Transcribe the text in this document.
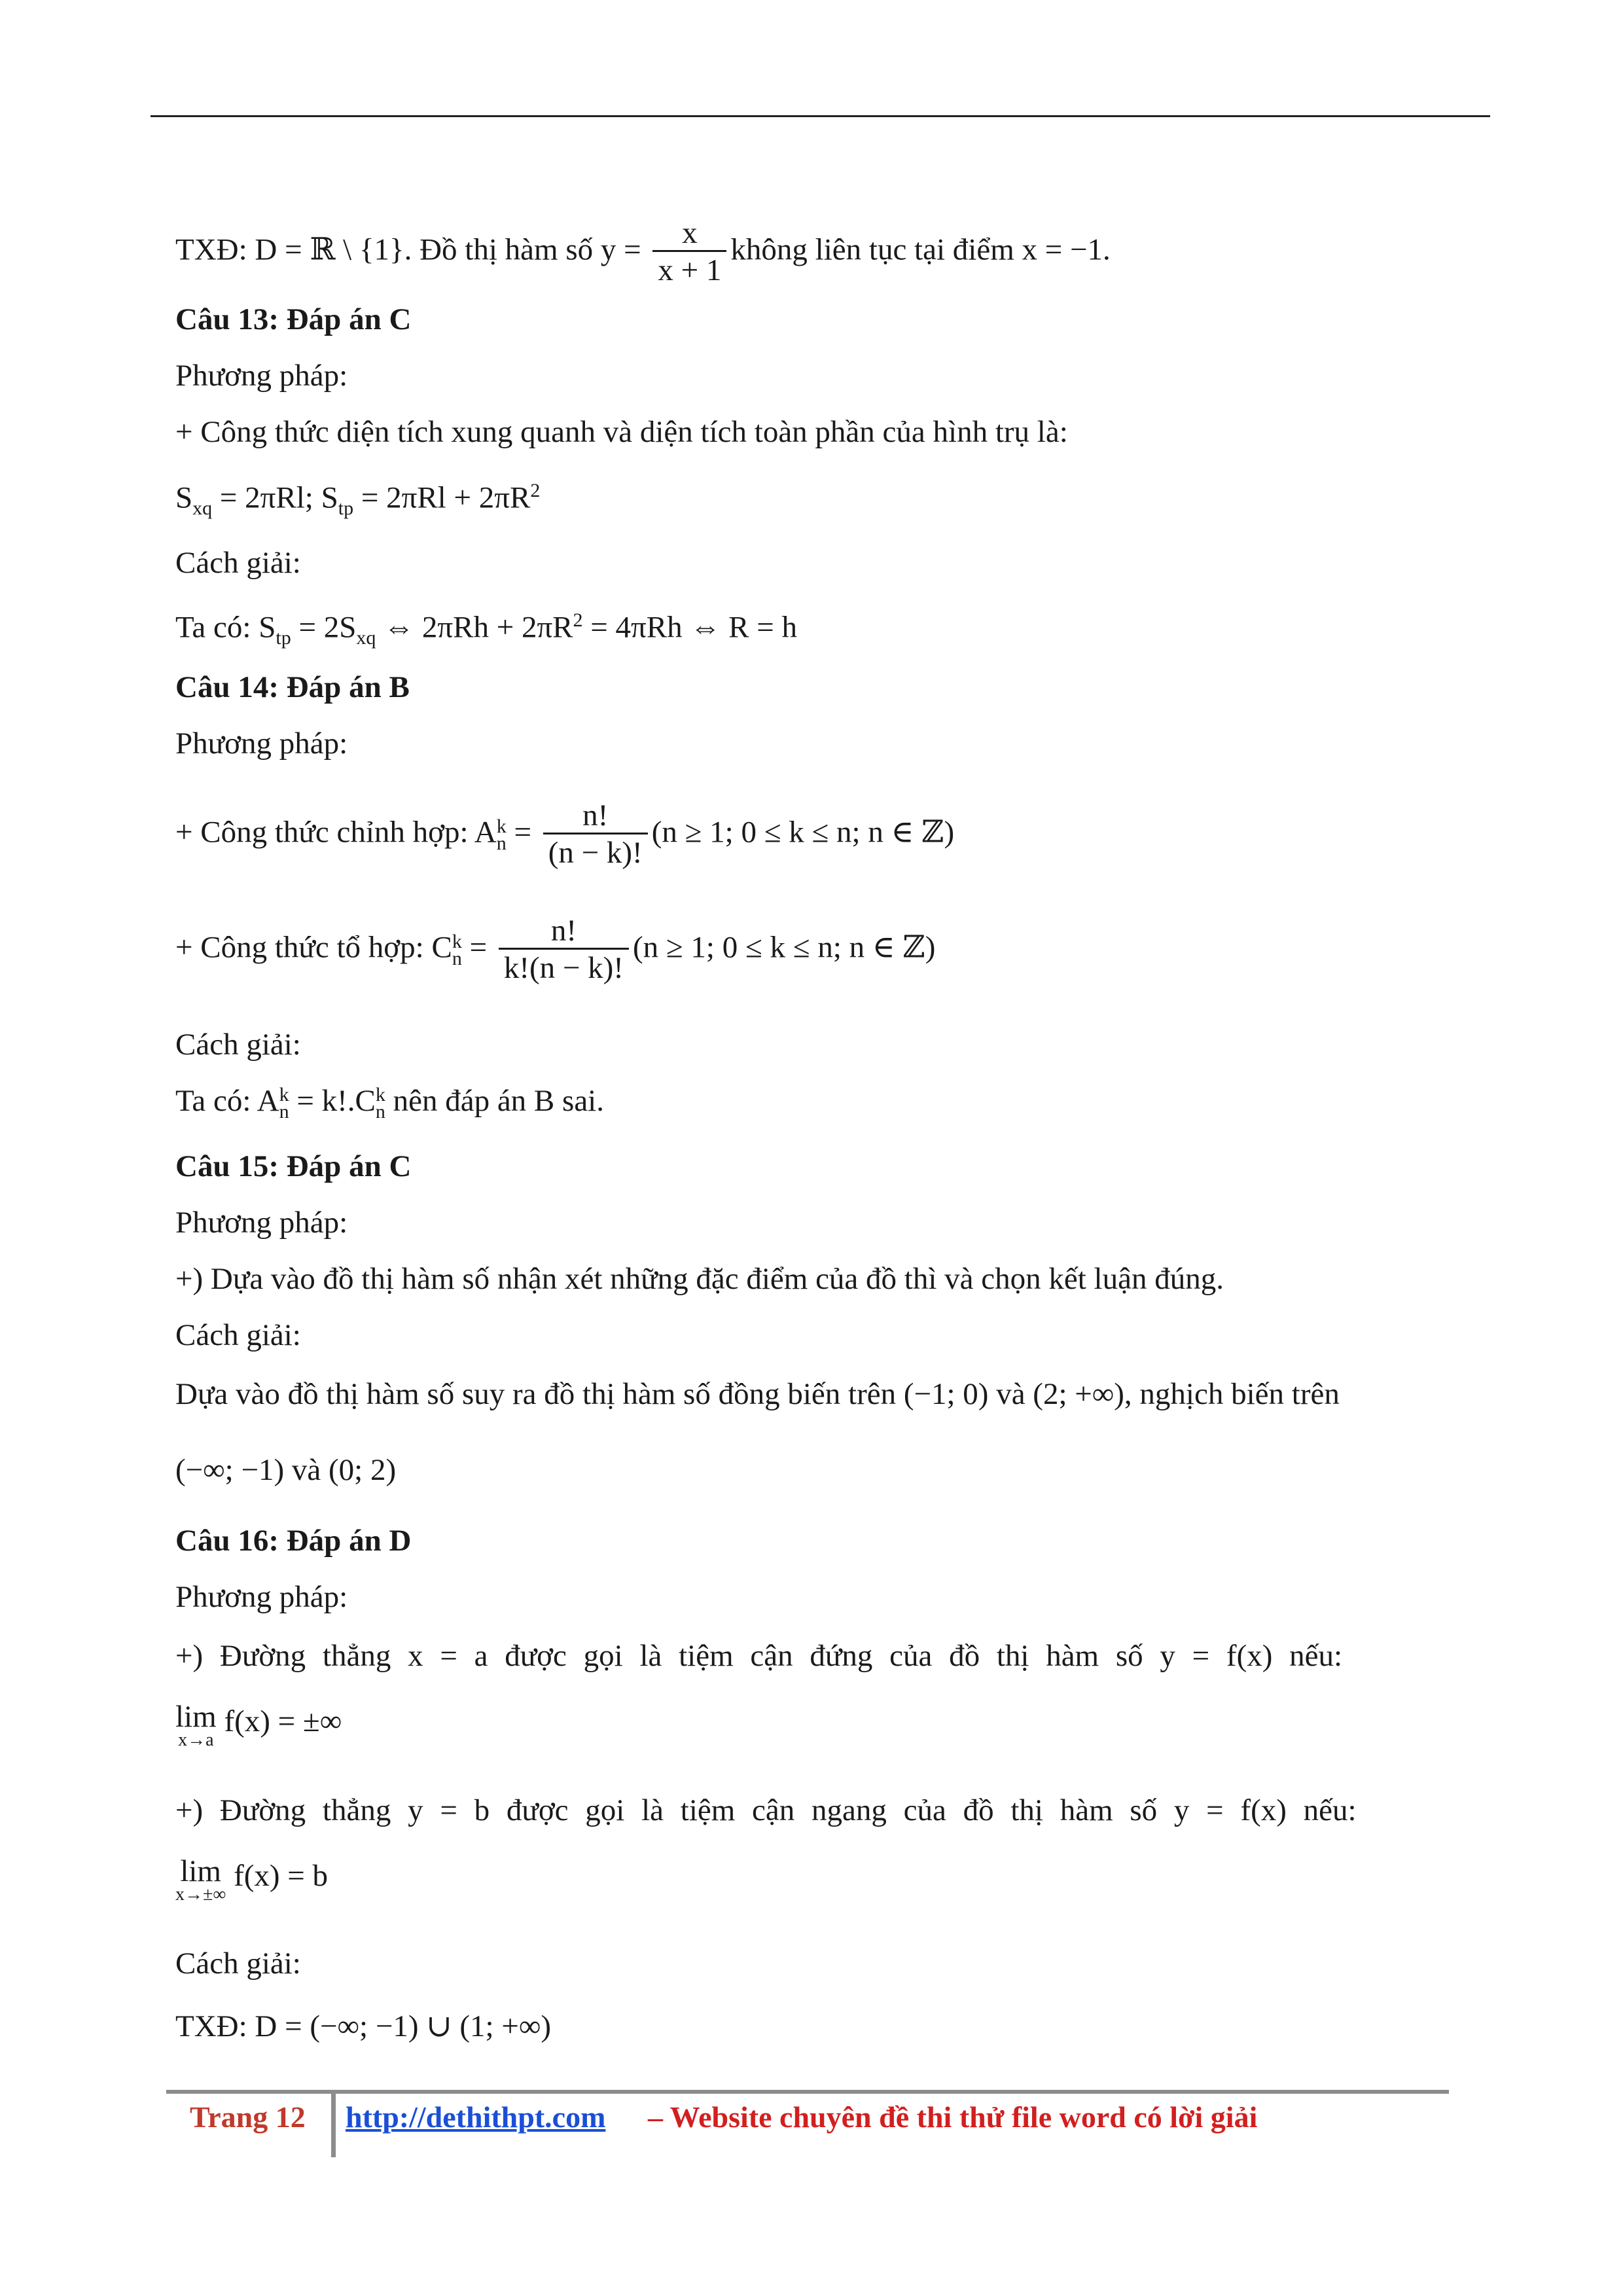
TXĐ: D = ℝ \ {1}. Đồ thị hàm số $y = \frac{x}{x + 1}$ không liên tục tại điểm x = −1.
Câu 13: Đáp án C
Phương pháp:
+ Công thức diện tích xung quanh và diện tích toàn phần của hình trụ là:
$S_{xq} = 2\pi Rl$; $S_{tp} = 2\pi Rl + 2\pi R^2$
Cách giải:
Ta có: $S_{tp} = 2S_{xq}$ ⇔ $2\pi Rh + 2\pi R^2 = 4\pi Rh$ ⇔ R = h
Câu 14: Đáp án B
Phương pháp:
+ Công thức chỉnh hợp: A k
$n = \frac{n!}{(n - k)!} (n \ge 1$; 0 ≤ k ≤ n; n ∈ ℤ)
+ Công thức tổ hợp: C k
$n = \frac{n!}{k!(n - k)!} (n \ge 1$; 0 ≤ k ≤ n; n ∈ ℤ)
Cách giải:
Ta có: A k
n = k!.C k
n nên đáp án B sai.
Câu 15: Đáp án C
Phương pháp:
+) Dựa vào đồ thị hàm số nhận xét những đặc điểm của đồ thì và chọn kết luận đúng.
Cách giải:
Dựa vào đồ thị hàm số suy ra đồ thị hàm số đồng biến trên (−1; 0) và (2; +∞), nghịch biến trên
(−∞; −1) và (0; 2)
Câu 16: Đáp án D
Phương pháp:
+) Đường thẳng x = a được gọi là tiệm cận đứng của đồ thị hàm số y = f(x) nếu:
lim
x→a
f(x) = ±∞
+) Đường thẳng y = b được gọi là tiệm cận ngang của đồ thị hàm số y = f(x) nếu:
lim
x→±∞
f(x) = b
Cách giải:
TXĐ: D = (−∞; −1) ∪ (1; +∞)
Trang 12 http://dethithpt.com – Website chuyên đề thi thử file word có lời giải
